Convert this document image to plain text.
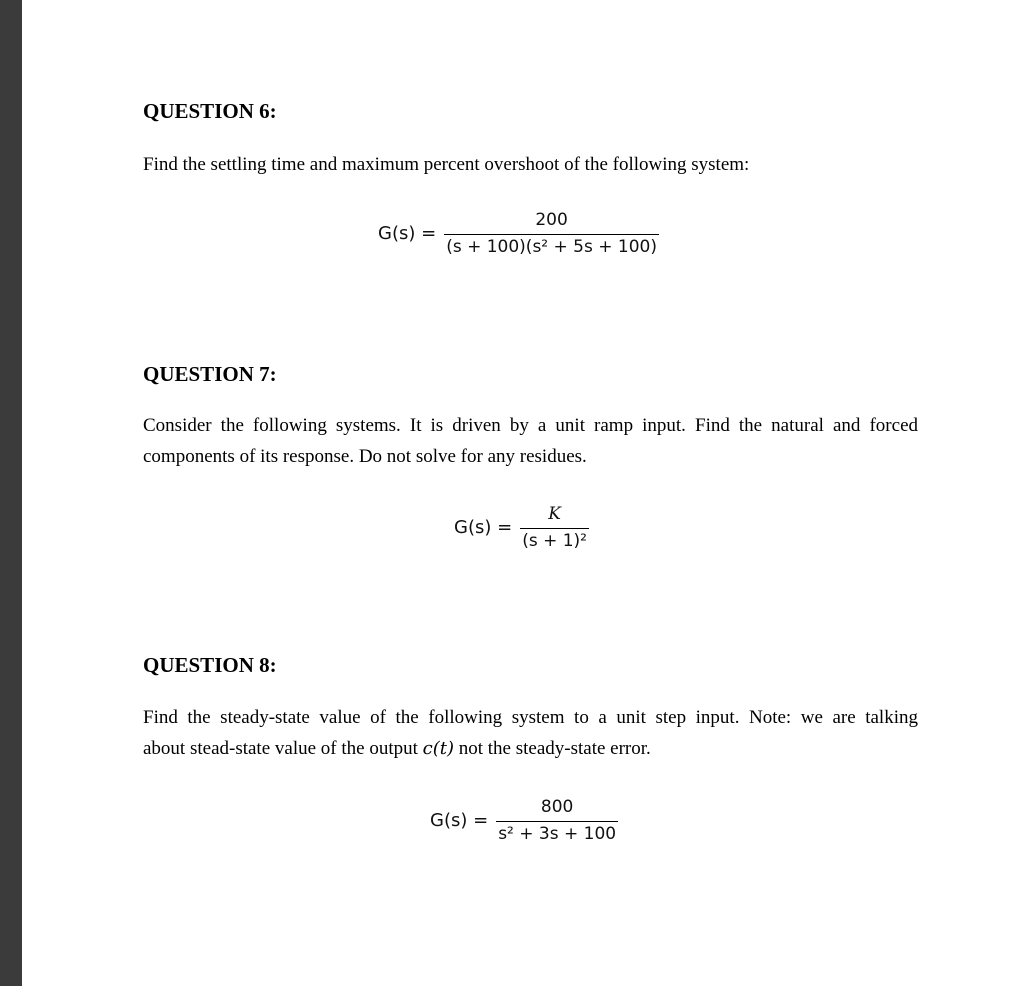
QUESTION 6:

Find the settling time and maximum percent overshoot of the following system:

$G(s) = \frac{200}{\text{(s + 100)(s² + 5s + 100)}}$
QUESTION 7:

Consider the following systems. It is driven by a unit ramp input. Find the natural and forced
components of its response. Do not solve for any residues.

$G(s) = \frac{K}{\text{(s + 1)²}}$
QUESTION 8:

Find the steady-state value of the following system to a unit step input. Note: we are talking
about stead-state value of the output c(t) not the steady-state error.

$G(s) = \frac{800}{\text{s² + 3s + 100}}$
